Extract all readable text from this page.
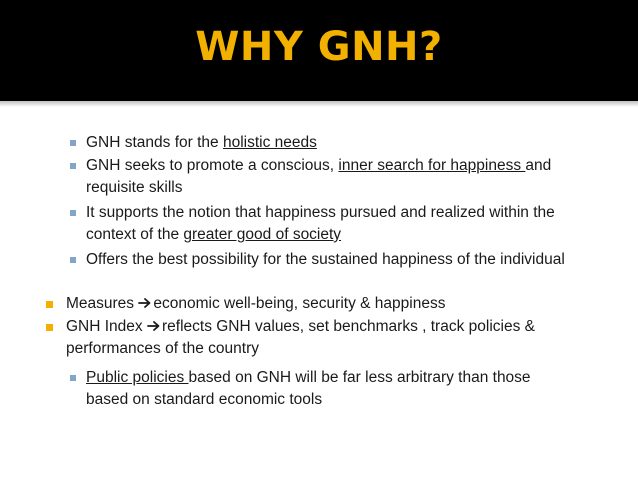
WHY GNH?
GNH stands for the holistic needs
GNH seeks to promote a conscious, inner search for happiness and
requisite skills
It supports the notion that happiness pursued and realized within the
context of the greater good of society
Offers the best possibility for the sustained happiness of the individual
Measures economic well-being, security & happiness
GNH Index reflects GNH values, set benchmarks , track policies &
performances of the country
Public policies based on GNH will be far less arbitrary than those
based on standard economic tools
